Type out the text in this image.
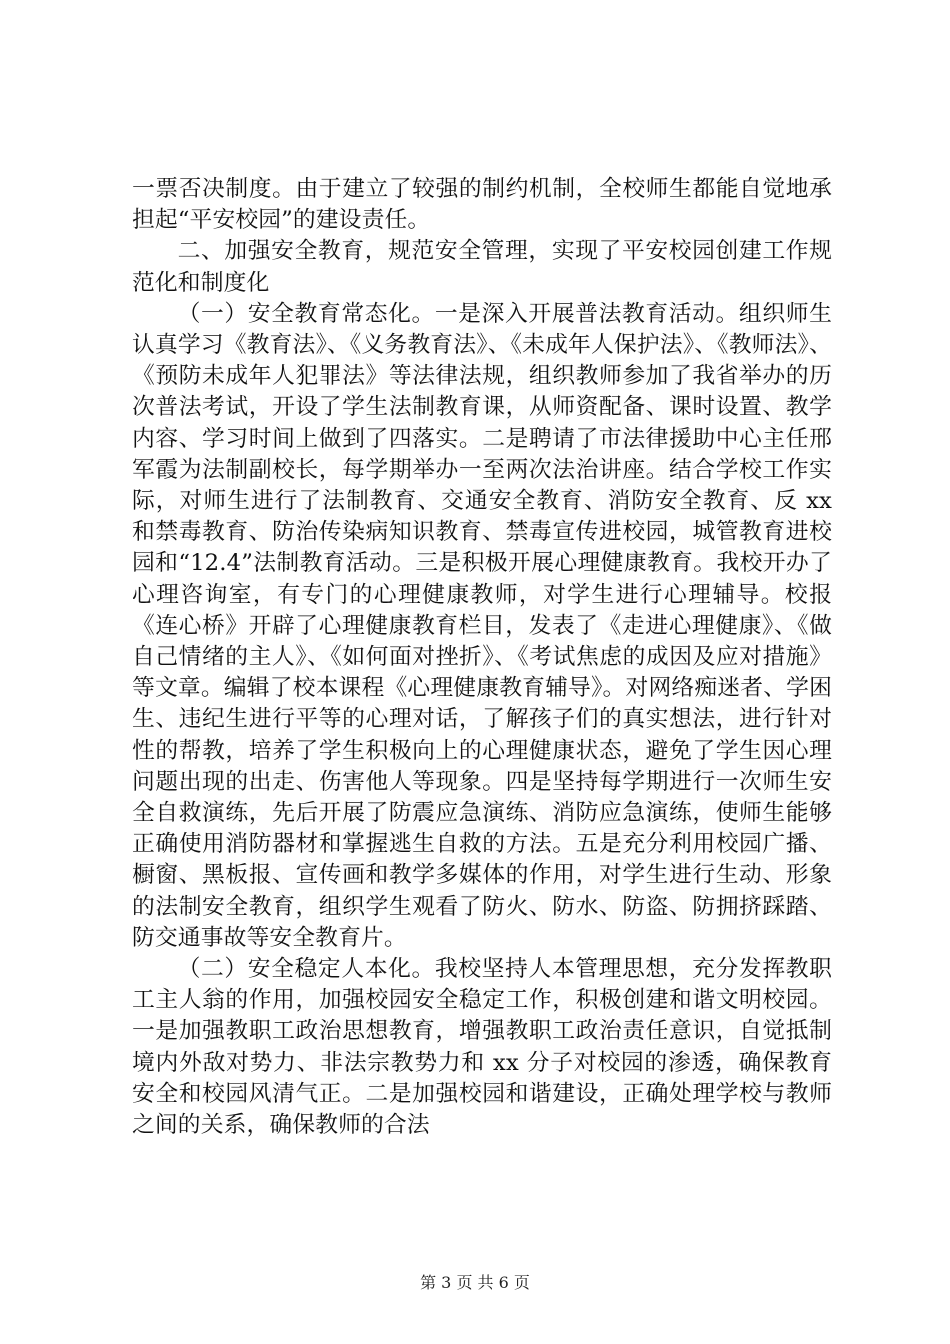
一票否决制度。由于建立了较强的制约机制，全校师生都能自觉地承担起“平安校园”的建设责任。

二、加强安全教育，规范安全管理，实现了平安校园创建工作规范化和制度化

（一）安全教育常态化。一是深入开展普法教育活动。组织师生认真学习《教育法》、《义务教育法》、《未成年人保护法》、《教师法》、《预防未成年人犯罪法》等法律法规，组织教师参加了我省举办的历次普法考试，开设了学生法制教育课，从师资配备、课时设置、教学内容、学习时间上做到了四落实。二是聘请了市法律援助中心主任邢军霞为法制副校长，每学期举办一至两次法治讲座。结合学校工作实际，对师生进行了法制教育、交通安全教育、消防安全教育、反 xx 和禁毒教育、防治传染病知识教育、禁毒宣传进校园，城管教育进校园和“12.4”法制教育活动。三是积极开展心理健康教育。我校开办了心理咨询室，有专门的心理健康教师，对学生进行心理辅导。校报《连心桥》开辟了心理健康教育栏目，发表了《走进心理健康》、《做自己情绪的主人》、《如何面对挫折》、《考试焦虑的成因及应对措施》等文章。编辑了校本课程《心理健康教育辅导》。对网络痴迷者、学困生、违纪生进行平等的心理对话，了解孩子们的真实想法，进行针对性的帮教，培养了学生积极向上的心理健康状态，避免了学生因心理问题出现的出走、伤害他人等现象。四是坚持每学期进行一次师生安全自救演练，先后开展了防震应急演练、消防应急演练，使师生能够正确使用消防器材和掌握逃生自救的方法。五是充分利用校园广播、橱窗、黑板报、宣传画和教学多媒体的作用，对学生进行生动、形象的法制安全教育，组织学生观看了防火、防水、防盗、防拥挤踩踏、防交通事故等安全教育片。

（二）安全稳定人本化。我校坚持人本管理思想，充分发挥教职工主人翁的作用，加强校园安全稳定工作，积极创建和谐文明校园。一是加强教职工政治思想教育，增强教职工政治责任意识，自觉抵制境内外敌对势力、非法宗教势力和 xx 分子对校园的渗透，确保教育安全和校园风清气正。二是加强校园和谐建设，正确处理学校与教师之间的关系，确保教师的合法

第 3 页 共 6 页
